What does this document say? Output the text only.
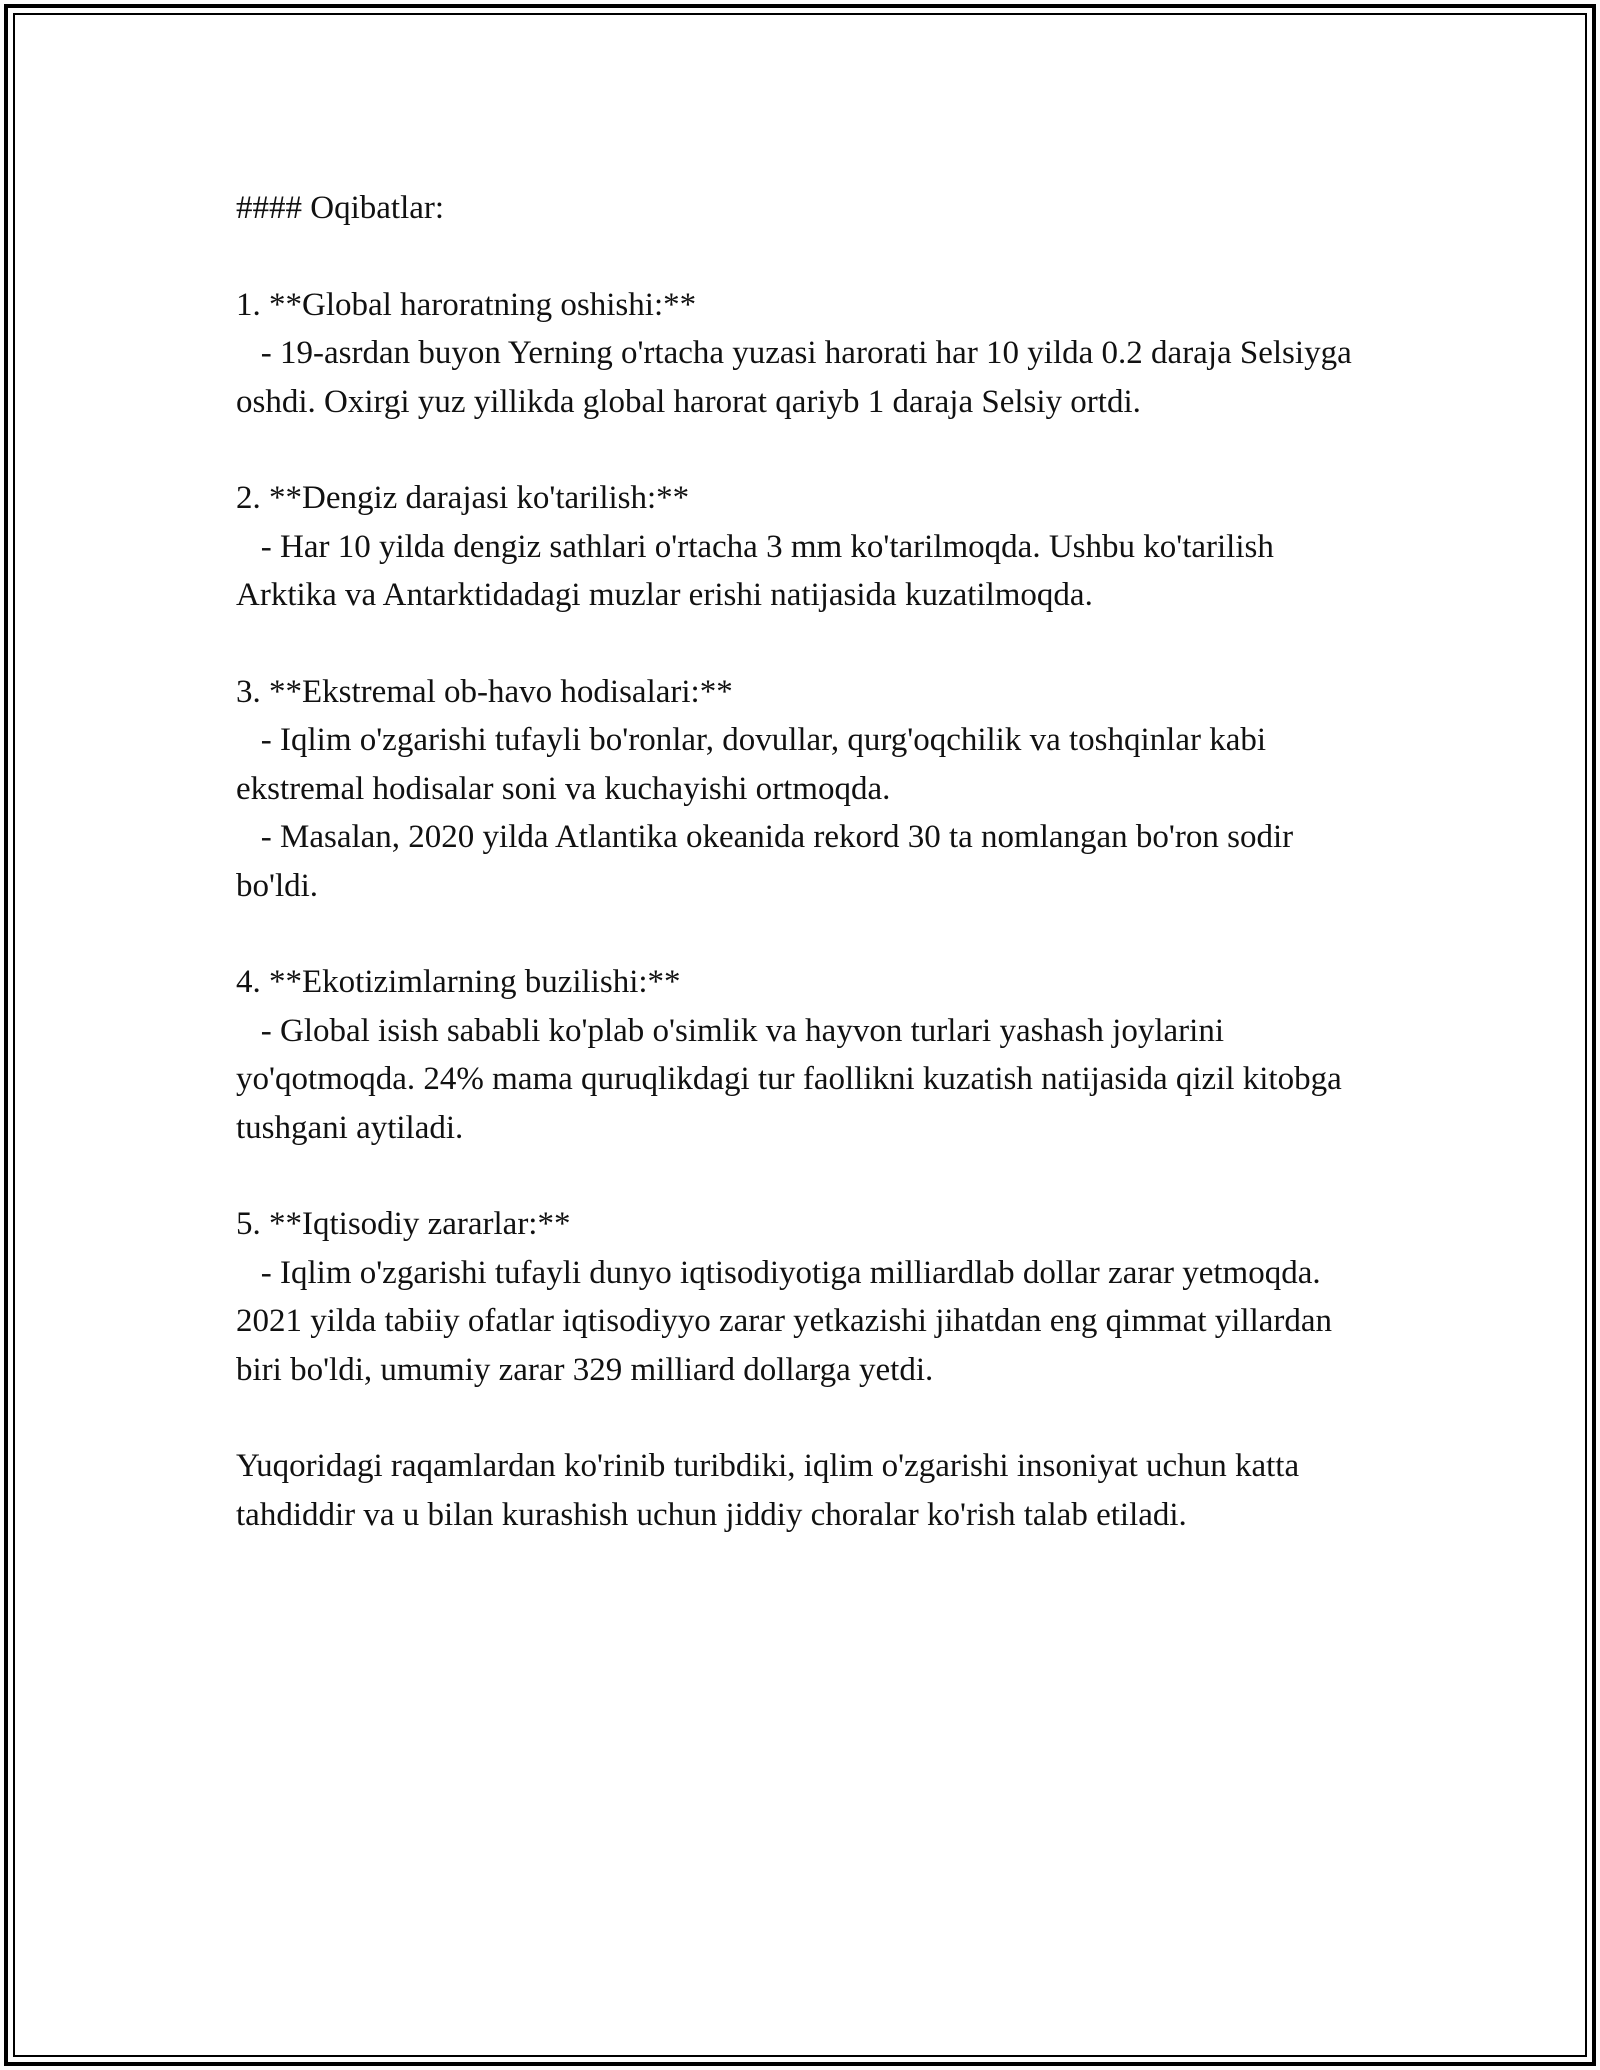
#### Oqibatlar:

1. **Global haroratning oshishi:**

- 19-asrdan buyon Yerning o'rtacha yuzasi harorati har 10 yilda 0.2 daraja Selsiyga oshdi. Oxirgi yuz yillikda global harorat qariyb 1 daraja Selsiy ortdi.

2. **Dengiz darajasi ko'tarilish:**

- Har 10 yilda dengiz sathlari o'rtacha 3 mm ko'tarilmoqda. Ushbu ko'tarilish Arktika va Antarktidadagi muzlar erishi natijasida kuzatilmoqda.

3. **Ekstremal ob-havo hodisalari:**

- Iqlim o'zgarishi tufayli bo'ronlar, dovullar, qurg'oqchilik va toshqinlar kabi ekstremal hodisalar soni va kuchayishi ortmoqda.

- Masalan, 2020 yilda Atlantika okeanida rekord 30 ta nomlangan bo'ron sodir bo'ldi.

4. **Ekotizimlarning buzilishi:**

- Global isish sababli ko'plab o'simlik va hayvon turlari yashash joylarini yo'qotmoqda. 24% mama quruqlikdagi tur faollikni kuzatish natijasida qizil kitobga tushgani aytiladi.

5. **Iqtisodiy zararlar:**

- Iqlim o'zgarishi tufayli dunyo iqtisodiyotiga milliardlab dollar zarar yetmoqda. 2021 yilda tabiiy ofatlar iqtisodiyyo zarar yetkazishi jihatdan eng qimmat yillardan biri bo'ldi, umumiy zarar 329 milliard dollarga yetdi.

Yuqoridagi raqamlardan ko'rinib turibdiki, iqlim o'zgarishi insoniyat uchun katta tahdiddir va u bilan kurashish uchun jiddiy choralar ko'rish talab etiladi.
